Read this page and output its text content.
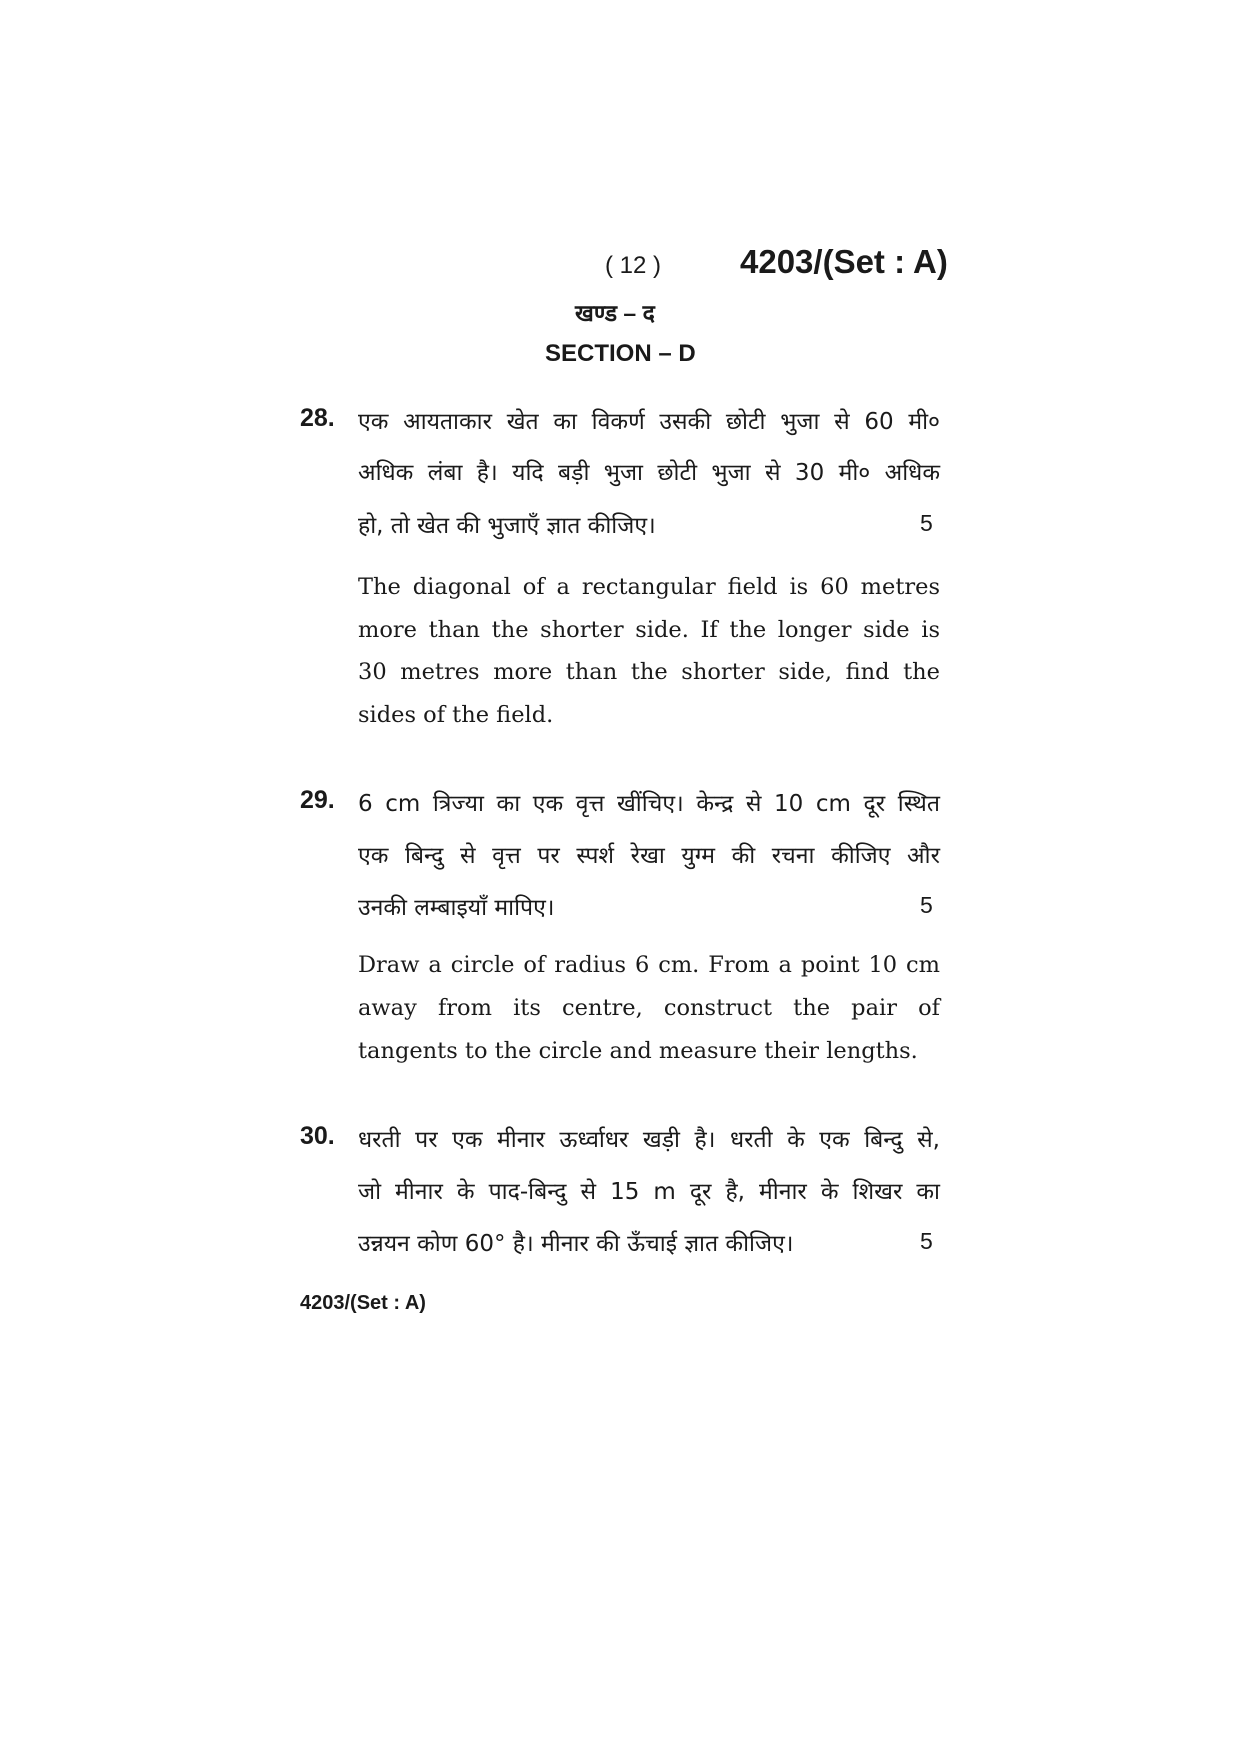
( 12 ) 4203/(Set : A)
खण्ड – द
SECTION – D
28. एक आयताकार खेत का विकर्ण उसकी छोटी भुजा से 60 मी०
अधिक लंबा है। यदि बड़ी भुजा छोटी भुजा से 30 मी० अधिक
हो, तो खेत की भुजाएँ ज्ञात कीजिए।	5
The diagonal of a rectangular field is 60 metres
more than the shorter side. If the longer side is
30 metres more than the shorter side, find the
sides of the field.
29. 6 cm त्रिज्या का एक वृत्त खींचिए। केन्द्र से 10 cm दूर स्थित
एक बिन्दु से वृत्त पर स्पर्श रेखा युग्म की रचना कीजिए और
उनकी लम्बाइयाँ मापिए।	5
Draw a circle of radius 6 cm. From a point 10 cm
away from its centre, construct the pair of
tangents to the circle and measure their lengths.
30. धरती पर एक मीनार ऊर्ध्वाधर खड़ी है। धरती के एक बिन्दु से,
जो मीनार के पाद-बिन्दु से 15 m दूर है, मीनार के शिखर का
उन्नयन कोण 60° है। मीनार की ऊँचाई ज्ञात कीजिए।	5
4203/(Set : A)
